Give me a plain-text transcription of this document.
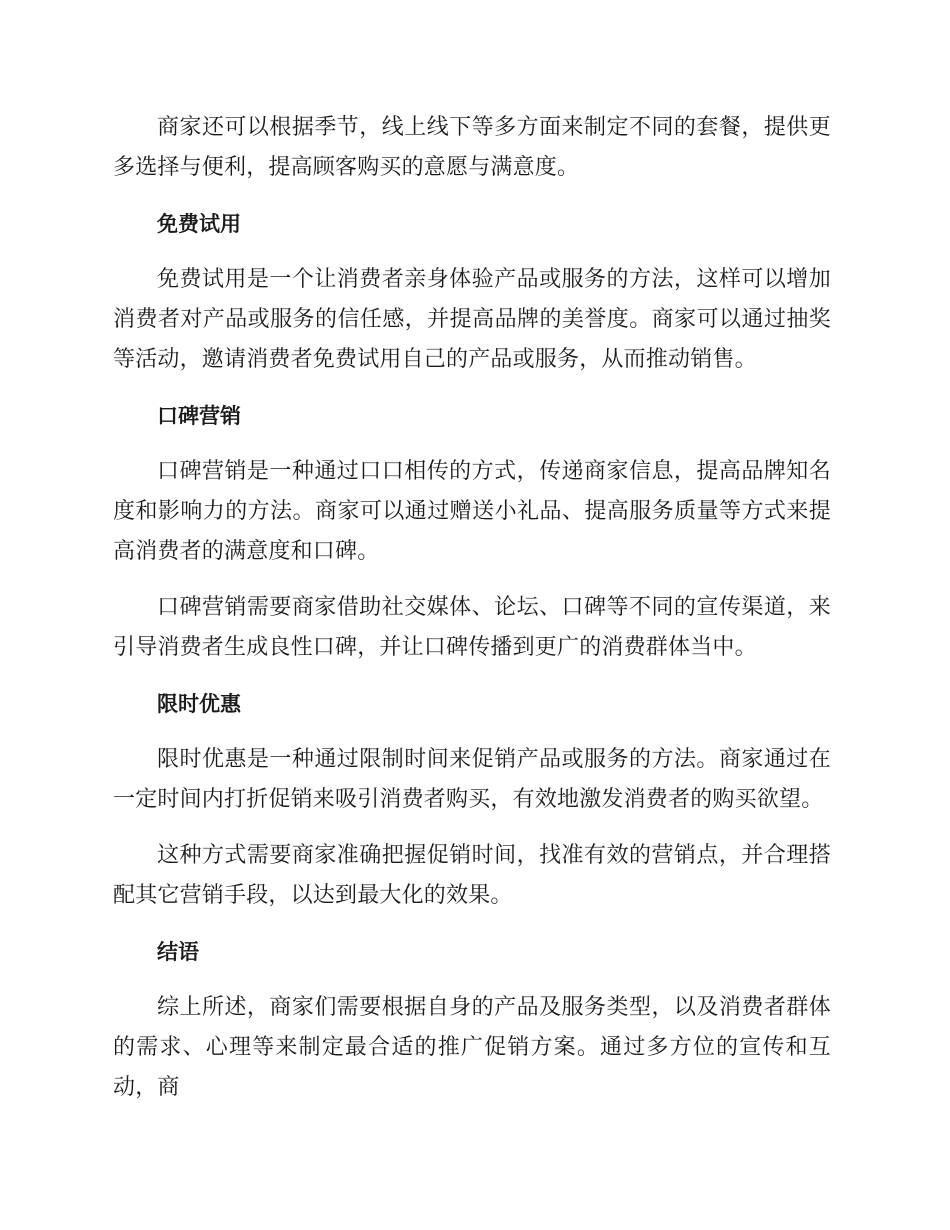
商家还可以根据季节，线上线下等多方面来制定不同的套餐，提供更多选择与便利，提高顾客购买的意愿与满意度。

免费试用

免费试用是一个让消费者亲身体验产品或服务的方法，这样可以增加消费者对产品或服务的信任感，并提高品牌的美誉度。商家可以通过抽奖等活动，邀请消费者免费试用自己的产品或服务，从而推动销售。

口碑营销

口碑营销是一种通过口口相传的方式，传递商家信息，提高品牌知名度和影响力的方法。商家可以通过赠送小礼品、提高服务质量等方式来提高消费者的满意度和口碑。

口碑营销需要商家借助社交媒体、论坛、口碑等不同的宣传渠道，来引导消费者生成良性口碑，并让口碑传播到更广的消费群体当中。

限时优惠

限时优惠是一种通过限制时间来促销产品或服务的方法。商家通过在一定时间内打折促销来吸引消费者购买，有效地激发消费者的购买欲望。

这种方式需要商家准确把握促销时间，找准有效的营销点，并合理搭配其它营销手段，以达到最大化的效果。

结语

综上所述，商家们需要根据自身的产品及服务类型，以及消费者群体的需求、心理等来制定最合适的推广促销方案。通过多方位的宣传和互动，商
